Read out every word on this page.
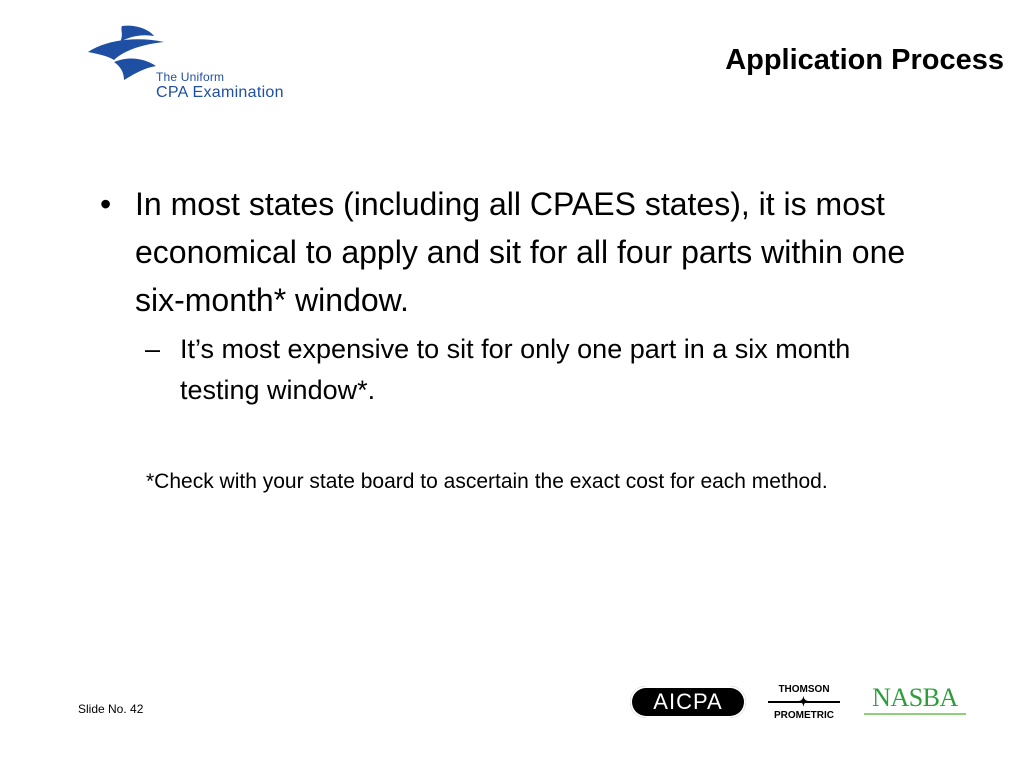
The Uniform
CPA Examination
Application Process
• In most states (including all CPAES states), it is most economical to apply and sit for all four parts within one six-month* window.
– It’s most expensive to sit for only one part in a six month testing window*.
*Check with your state board to ascertain the exact cost for each method.
Slide No. 42	AICPA	THOMSON
✦
PROMETRIC
NASBA
